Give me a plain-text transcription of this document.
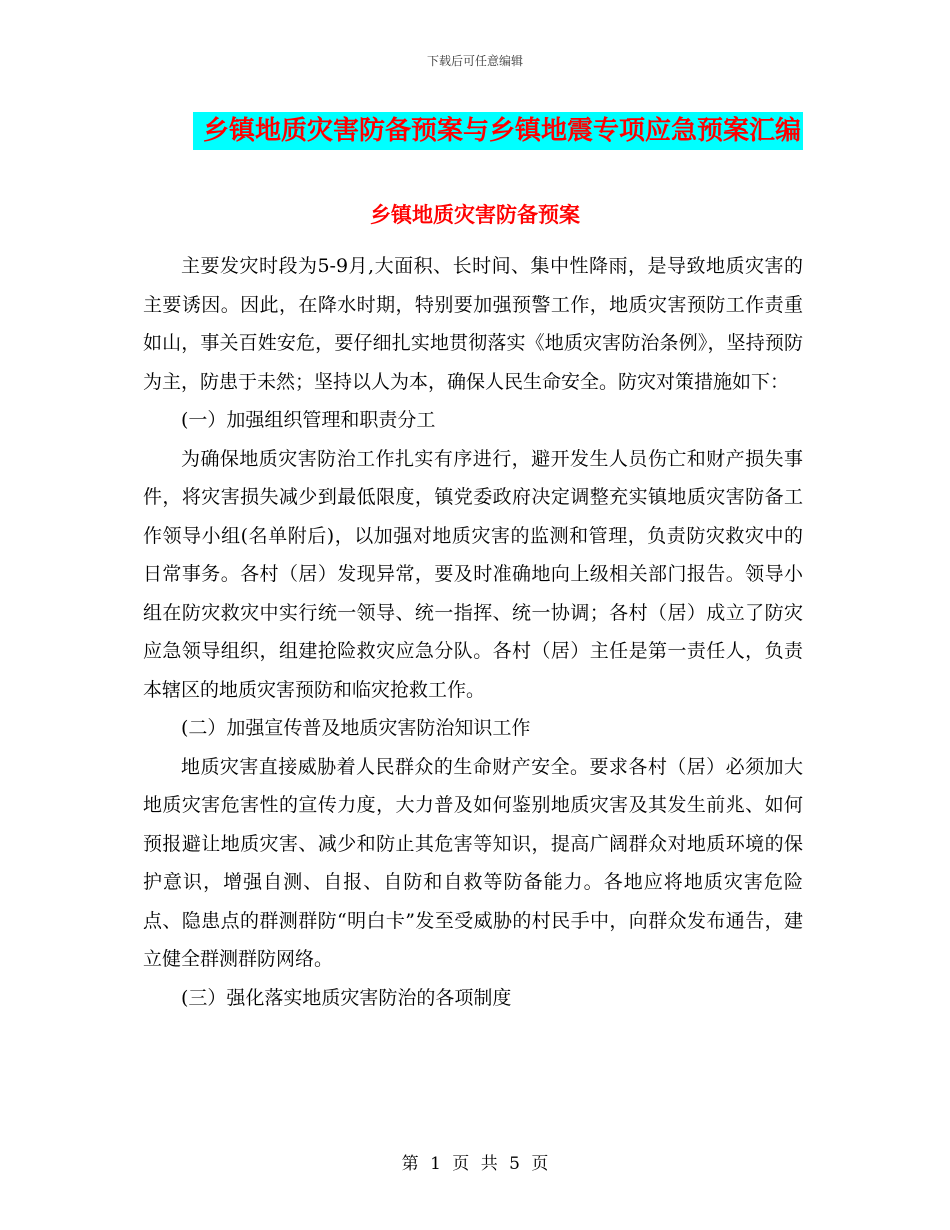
下载后可任意编辑
乡镇地质灾害防备预案与乡镇地震专项应急预案汇编
乡镇地质灾害防备预案

主要发灾时段为5-9月,大面积、长时间、集中性降雨，是导致地质灾害的主要诱因。因此，在降水时期，特别要加强预警工作，地质灾害预防工作责重如山，事关百姓安危，要仔细扎实地贯彻落实《地质灾害防治条例》，坚持预防为主，防患于未然；坚持以人为本，确保人民生命安全。防灾对策措施如下：

(一）加强组织管理和职责分工

为确保地质灾害防治工作扎实有序进行，避开发生人员伤亡和财产损失事件，将灾害损失减少到最低限度，镇党委政府决定调整充实镇地质灾害防备工作领导小组(名单附后)，以加强对地质灾害的监测和管理，负责防灾救灾中的日常事务。各村（居）发现异常，要及时准确地向上级相关部门报告。领导小组在防灾救灾中实行统一领导、统一指挥、统一协调；各村（居）成立了防灾应急领导组织，组建抢险救灾应急分队。各村（居）主任是第一责任人，负责本辖区的地质灾害预防和临灾抢救工作。

(二）加强宣传普及地质灾害防治知识工作

地质灾害直接威胁着人民群众的生命财产安全。要求各村（居）必须加大地质灾害危害性的宣传力度，大力普及如何鉴别地质灾害及其发生前兆、如何预报避让地质灾害、减少和防止其危害等知识，提高广阔群众对地质环境的保护意识，增强自测、自报、自防和自救等防备能力。各地应将地质灾害危险点、隐患点的群测群防“明白卡”发至受威胁的村民手中，向群众发布通告，建立健全群测群防网络。

(三）强化落实地质灾害防治的各项制度

第 1 页 共 5 页
